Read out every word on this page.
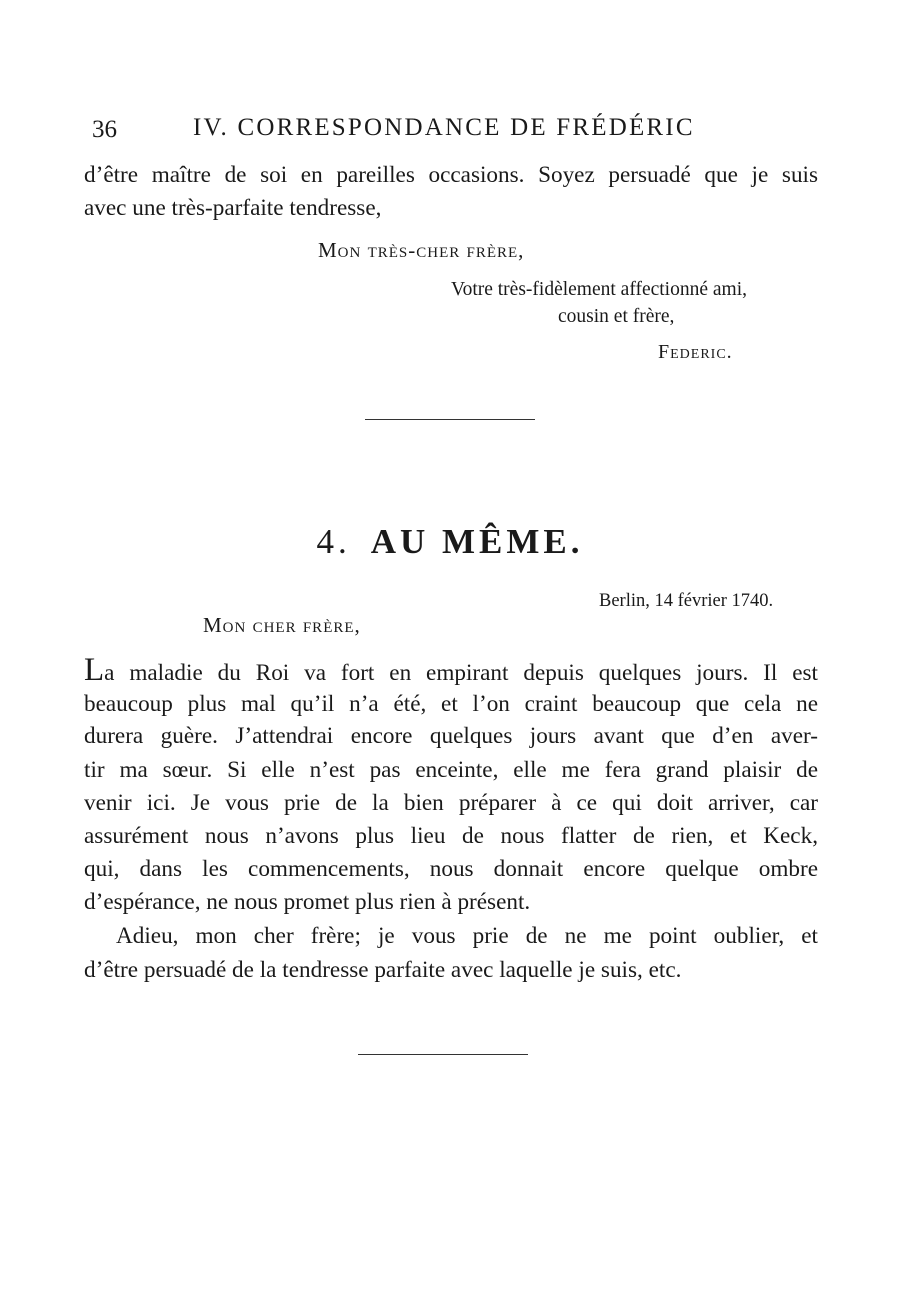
36	IV. CORRESPONDANCE DE FRÉDÉRIC
d’être maître de soi en pareilles occasions. Soyez persuadé que je suis
avec une très-parfaite tendresse,
Mon très-cher frère,
Votre très-fidèlement affectionné ami,
cousin et frère,
Federic.
4. AU MÊME.
Berlin, 14 février 1740.
Mon cher frère,
La maladie du Roi va fort en empirant depuis quelques jours. Il est
beaucoup plus mal qu’il n’a été, et l’on craint beaucoup que cela ne
durera guère. J’attendrai encore quelques jours avant que d’en aver-
tir ma sœur. Si elle n’est pas enceinte, elle me fera grand plaisir de
venir ici. Je vous prie de la bien préparer à ce qui doit arriver, car
assurément nous n’avons plus lieu de nous flatter de rien, et Keck,
qui, dans les commencements, nous donnait encore quelque ombre
d’espérance, ne nous promet plus rien à présent.
Adieu, mon cher frère; je vous prie de ne me point oublier, et
d’être persuadé de la tendresse parfaite avec laquelle je suis, etc.
